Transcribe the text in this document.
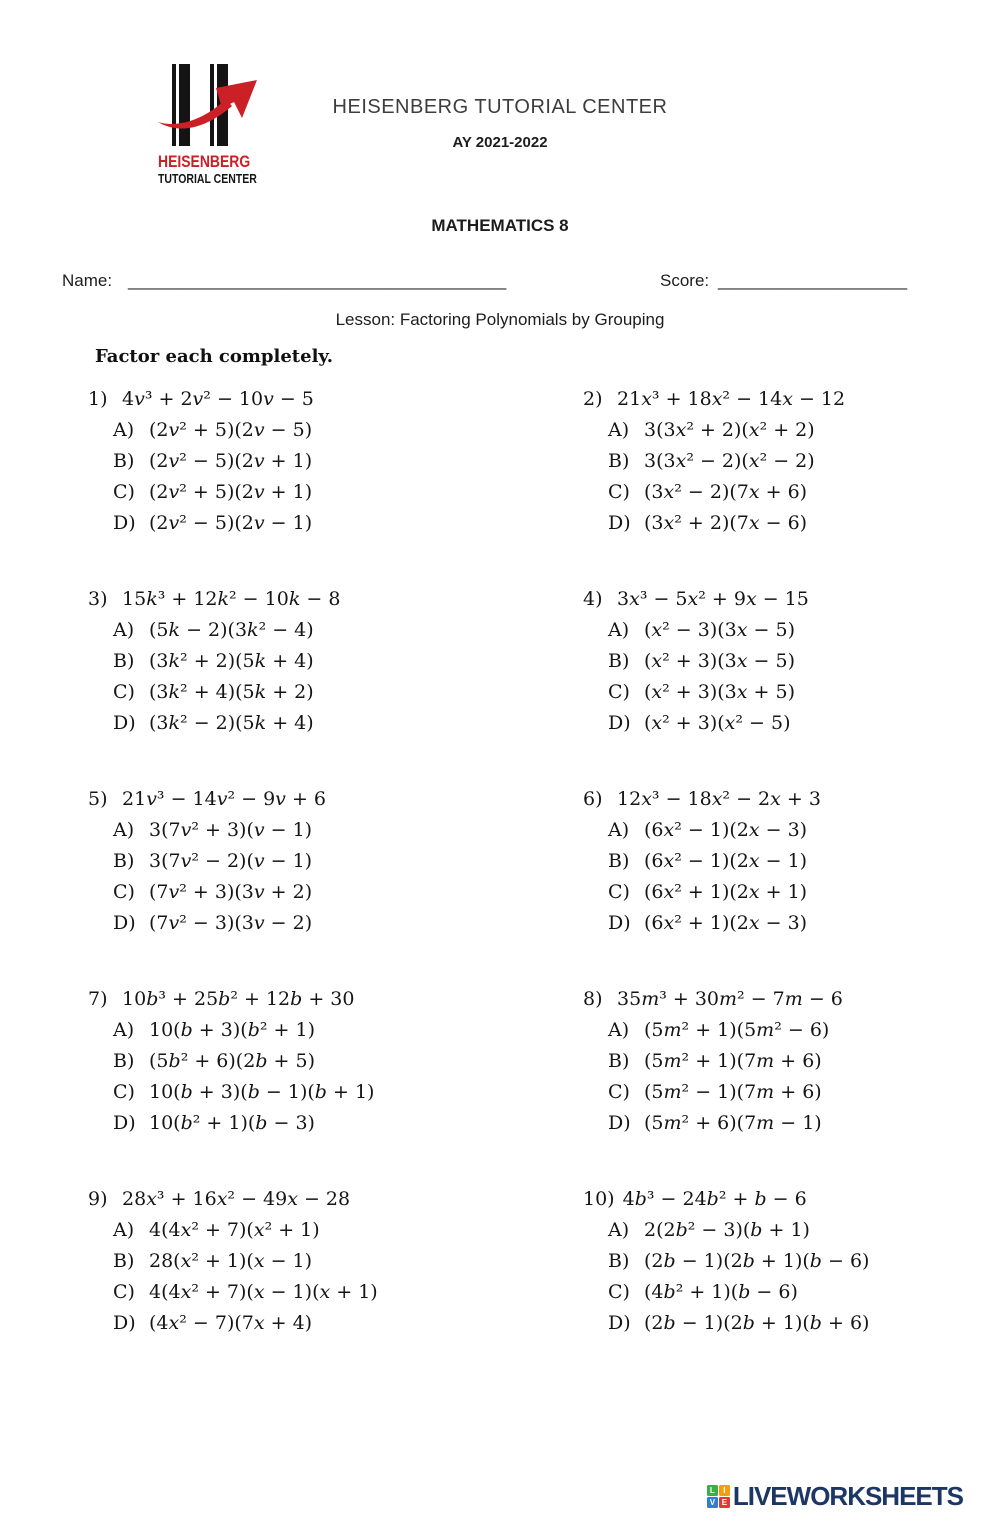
HEISENBERG
TUTORIAL CENTER
HEISENBERG TUTORIAL CENTER
AY 2021-2022
MATHEMATICS 8
Name: ________________________________________	Score: ____________________
Lesson: Factoring Polynomials by Grouping
Factor each completely.
1) 4v³ + 2v² − 10v − 5
A) (2v² + 5)(2v − 5)
B) (2v² − 5)(2v + 1)
C) (2v² + 5)(2v + 1)
D) (2v² − 5)(2v − 1)
2) 21x³ + 18x² − 14x − 12
A) 3(3x² + 2)(x² + 2)
B) 3(3x² − 2)(x² − 2)
C) (3x² − 2)(7x + 6)
D) (3x² + 2)(7x − 6)
3) 15k³ + 12k² − 10k − 8
A) (5k − 2)(3k² − 4)
B) (3k² + 2)(5k + 4)
C) (3k² + 4)(5k + 2)
D) (3k² − 2)(5k + 4)
4) 3x³ − 5x² + 9x − 15
A) (x² − 3)(3x − 5)
B) (x² + 3)(3x − 5)
C) (x² + 3)(3x + 5)
D) (x² + 3)(x² − 5)
5) 21v³ − 14v² − 9v + 6
A) 3(7v² + 3)(v − 1)
B) 3(7v² − 2)(v − 1)
C) (7v² + 3)(3v + 2)
D) (7v² − 3)(3v − 2)
6) 12x³ − 18x² − 2x + 3
A) (6x² − 1)(2x − 3)
B) (6x² − 1)(2x − 1)
C) (6x² + 1)(2x + 1)
D) (6x² + 1)(2x − 3)
7) 10b³ + 25b² + 12b + 30
A) 10(b + 3)(b² + 1)
B) (5b² + 6)(2b + 5)
C) 10(b + 3)(b − 1)(b + 1)
D) 10(b² + 1)(b − 3)
8) 35m³ + 30m² − 7m − 6
A) (5m² + 1)(5m² − 6)
B) (5m² + 1)(7m + 6)
C) (5m² − 1)(7m + 6)
D) (5m² + 6)(7m − 1)
9) 28x³ + 16x² − 49x − 28
A) 4(4x² + 7)(x² + 1)
B) 28(x² + 1)(x − 1)
C) 4(4x² + 7)(x − 1)(x + 1)
D) (4x² − 7)(7x + 4)
10) 4b³ − 24b² + b − 6
A) 2(2b² − 3)(b + 1)
B) (2b − 1)(2b + 1)(b − 6)
C) (4b² + 1)(b − 6)
D) (2b − 1)(2b + 1)(b + 6)
L	I
V E LIVEWORKSHEETS
